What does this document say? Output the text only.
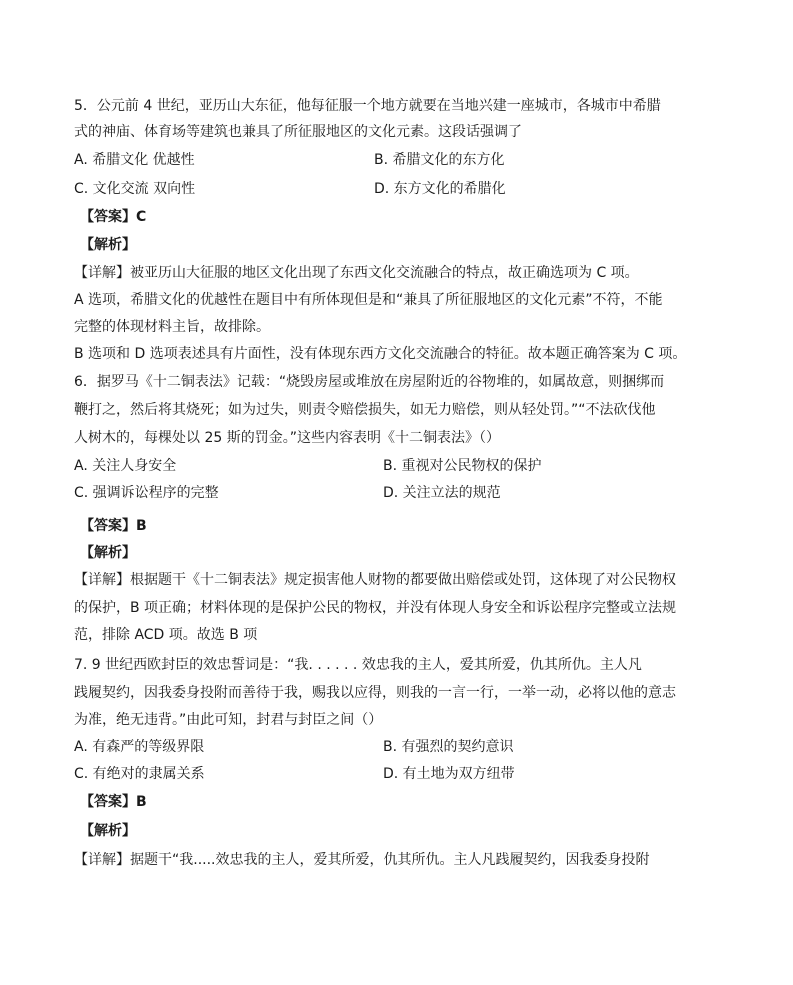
5．公元前 4 世纪，亚历山大东征，他每征服一个地方就要在当地兴建一座城市，各城市中希腊
式的神庙、体育场等建筑也兼具了所征服地区的文化元素。这段话强调了
A. 希腊文化 优越性	B. 希腊文化的东方化
C. 文化交流 双向性	D. 东方文化的希腊化
【答案】C
【解析】
【详解】被亚历山大征服的地区文化出现了东西文化交流融合的特点，故正确选项为 C 项。
A 选项，希腊文化的优越性在题目中有所体现但是和“兼具了所征服地区的文化元素”不符，不能
完整的体现材料主旨，故排除。
B 选项和 D 选项表述具有片面性，没有体现东西方文化交流融合的特征。故本题正确答案为 C 项。
6．据罗马《十二铜表法》记载：“烧毁房屋或堆放在房屋附近的谷物堆的，如属故意，则捆绑而
鞭打之，然后将其烧死；如为过失，则责令赔偿损失，如无力赔偿，则从轻处罚。”“不法砍伐他
人树木的，每棵处以 25 斯的罚金。”这些内容表明《十二铜表法》（）
A. 关注人身安全	B. 重视对公民物权的保护
C. 强调诉讼程序的完整	D. 关注立法的规范
【答案】B
【解析】
【详解】根据题干《十二铜表法》规定损害他人财物的都要做出赔偿或处罚，这体现了对公民物权
的保护，B 项正确；材料体现的是保护公民的物权，并没有体现人身安全和诉讼程序完整或立法规
范，排除 ACD 项。故选 B 项
7. 9 世纪西欧封臣的效忠誓词是：“我. . . . . . 效忠我的主人，爱其所爱，仇其所仇。主人凡
践履契约，因我委身投附而善待于我，赐我以应得，则我的一言一行，一举一动，必将以他的意志
为准，绝无违背。”由此可知，封君与封臣之间（）
A. 有森严的等级界限	B. 有强烈的契约意识
C. 有绝对的隶属关系	D. 有土地为双方纽带
【答案】B
【解析】
【详解】据题干“我.....效忠我的主人，爱其所爱，仇其所仇。主人凡践履契约，因我委身投附
